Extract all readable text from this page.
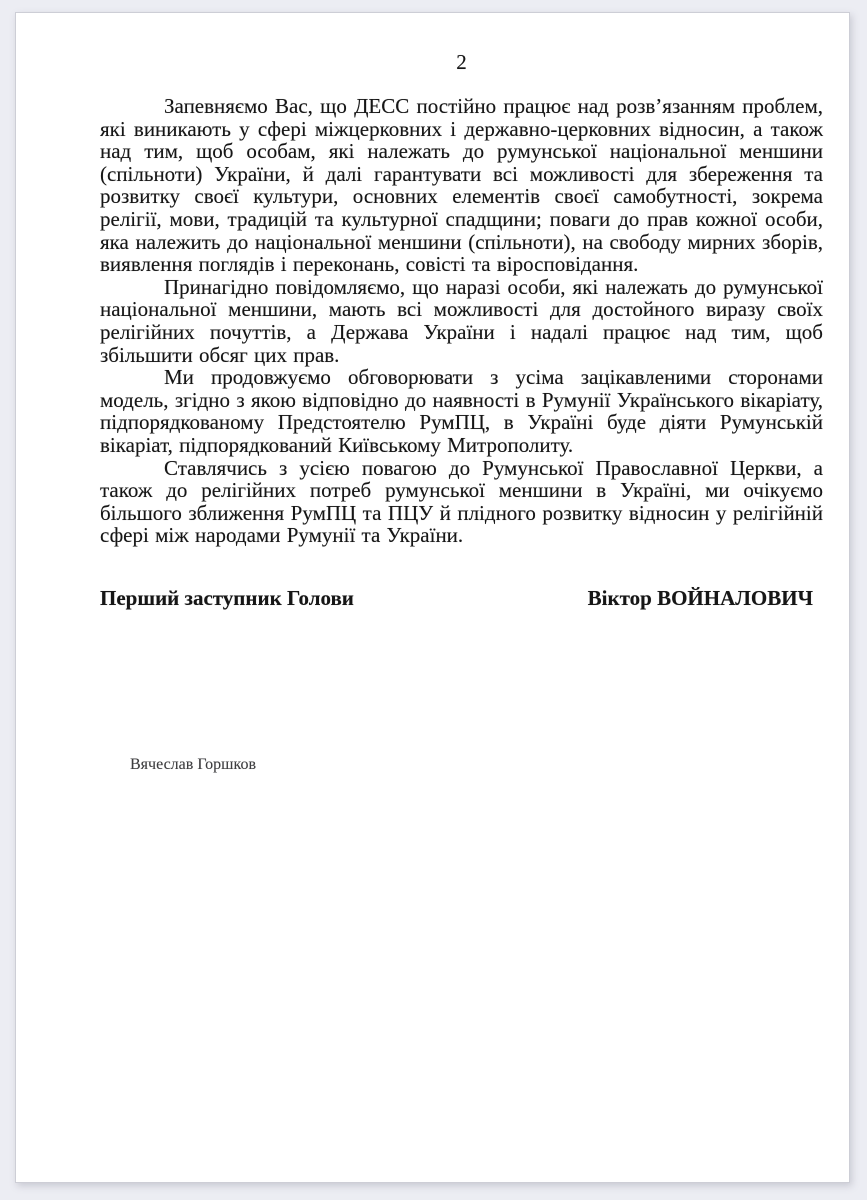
2

Запевняємо Вас, що ДЕСС постійно працює над розв’язанням проблем, які виникають у сфері міжцерковних і державно-церковних відносин, а також над тим, щоб особам, які належать до румунської національної меншини (спільноти) України, й далі гарантувати всі можливості для збереження та розвитку своєї культури, основних елементів своєї самобутності, зокрема релігії, мови, традицій та культурної спадщини; поваги до прав кожної особи, яка належить до національної меншини (спільноти), на свободу мирних зборів, виявлення поглядів і переконань, совісті та віросповідання.

Принагідно повідомляємо, що наразі особи, які належать до румунської національної меншини, мають всі можливості для достойного виразу своїх релігійних почуттів, а Держава України і надалі працює над тим, щоб збільшити обсяг цих прав.

Ми продовжуємо обговорювати з усіма зацікавленими сторонами модель, згідно з якою відповідно до наявності в Румунії Українського вікаріату, підпорядкованому Предстоятелю РумПЦ, в Україні буде діяти Румунській вікаріат, підпорядкований Київському Митрополиту.

Ставлячись з усією повагою до Румунської Православної Церкви, а також до релігійних потреб румунської меншини в Україні, ми очікуємо більшого зближення РумПЦ та ПЦУ й плідного розвитку відносин у релігійній сфері між народами Румунії та України.

Перший заступник Голови	Віктор ВОЙНАЛОВИЧ
Вячеслав Горшков
